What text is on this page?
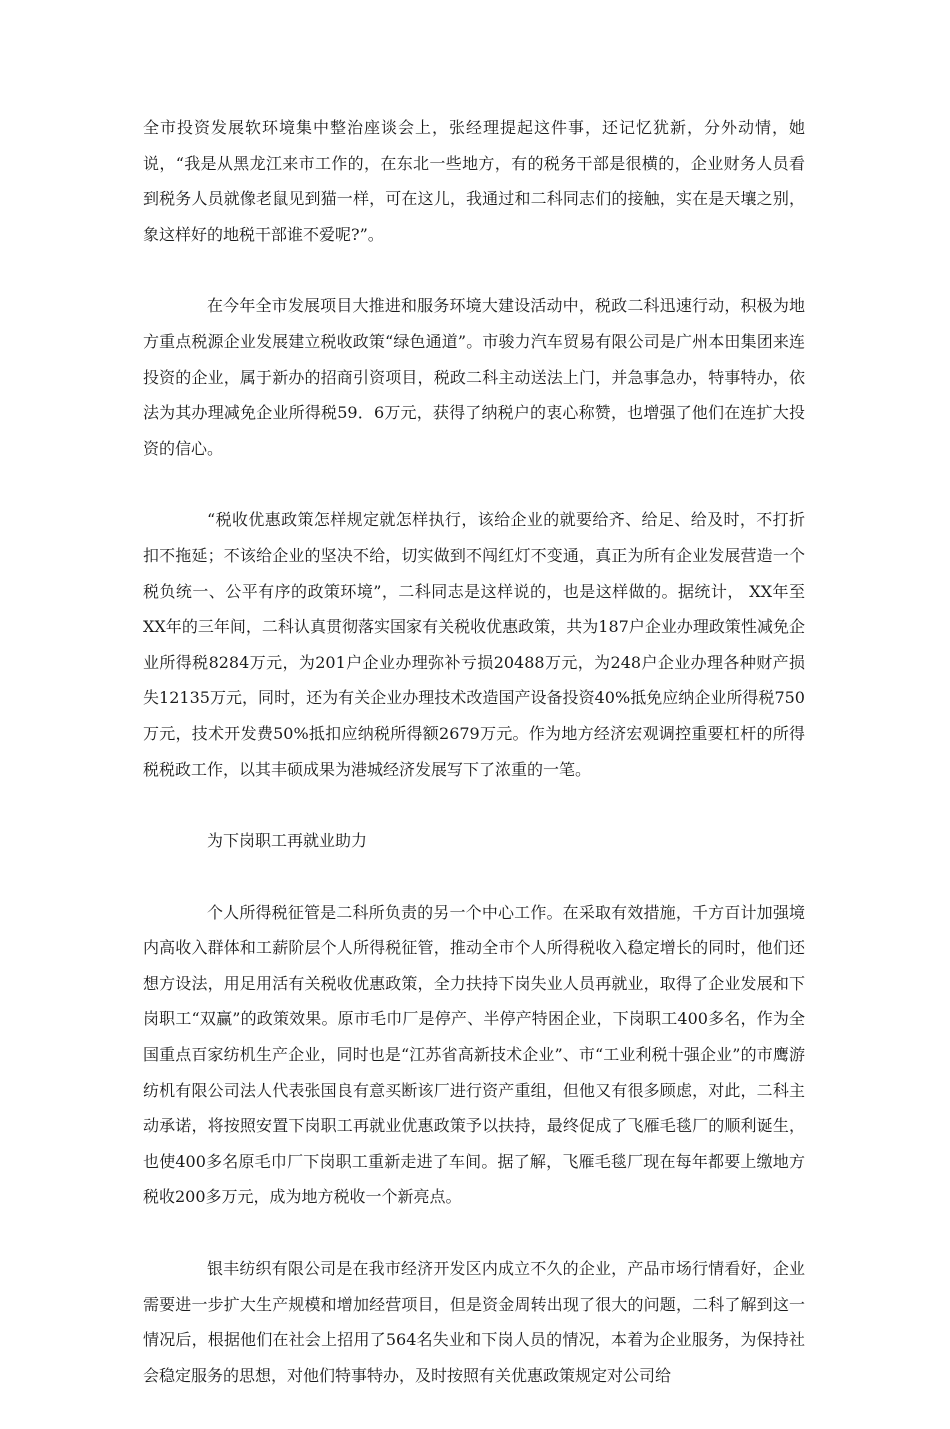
全市投资发展软环境集中整治座谈会上，张经理提起这件事，还记忆犹新，分外动情，她说，“我是从黑龙江来市工作的，在东北一些地方，有的税务干部是很横的，企业财务人员看到税务人员就像老鼠见到猫一样，可在这儿，我通过和二科同志们的接触，实在是天壤之别，象这样好的地税干部谁不爱呢?”。

在今年全市发展项目大推进和服务环境大建设活动中，税政二科迅速行动，积极为地方重点税源企业发展建立税收政策“绿色通道”。市骏力汽车贸易有限公司是广州本田集团来连投资的企业，属于新办的招商引资项目，税政二科主动送法上门，并急事急办，特事特办，依法为其办理减免企业所得税59．6万元，获得了纳税户的衷心称赞，也增强了他们在连扩大投资的信心。

“税收优惠政策怎样规定就怎样执行，该给企业的就要给齐、给足、给及时，不打折扣不拖延；不该给企业的坚决不给，切实做到不闯红灯不变通，真正为所有企业发展营造一个税负统一、公平有序的政策环境”，二科同志是这样说的，也是这样做的。据统计， XX年至XX年的三年间，二科认真贯彻落实国家有关税收优惠政策，共为187户企业办理政策性减免企业所得税8284万元，为201户企业办理弥补亏损20488万元，为248户企业办理各种财产损失12135万元，同时，还为有关企业办理技术改造国产设备投资40%抵免应纳企业所得税750万元，技术开发费50%抵扣应纳税所得额2679万元。作为地方经济宏观调控重要杠杆的所得税税政工作，以其丰硕成果为港城经济发展写下了浓重的一笔。

为下岗职工再就业助力

个人所得税征管是二科所负责的另一个中心工作。在采取有效措施，千方百计加强境内高收入群体和工薪阶层个人所得税征管，推动全市个人所得税收入稳定增长的同时，他们还想方设法，用足用活有关税收优惠政策，全力扶持下岗失业人员再就业，取得了企业发展和下岗职工“双赢”的政策效果。原市毛巾厂是停产、半停产特困企业，下岗职工400多名，作为全国重点百家纺机生产企业，同时也是“江苏省高新技术企业”、市“工业利税十强企业”的市鹰游纺机有限公司法人代表张国良有意买断该厂进行资产重组，但他又有很多顾虑，对此，二科主动承诺，将按照安置下岗职工再就业优惠政策予以扶持，最终促成了飞雁毛毯厂的顺利诞生，也使400多名原毛巾厂下岗职工重新走进了车间。据了解，飞雁毛毯厂现在每年都要上缴地方税收200多万元，成为地方税收一个新亮点。

银丰纺织有限公司是在我市经济开发区内成立不久的企业，产品市场行情看好，企业需要进一步扩大生产规模和增加经营项目，但是资金周转出现了很大的问题，二科了解到这一情况后，根据他们在社会上招用了564名失业和下岗人员的情况，本着为企业服务，为保持社会稳定服务的思想，对他们特事特办，及时按照有关优惠政策规定对公司给
